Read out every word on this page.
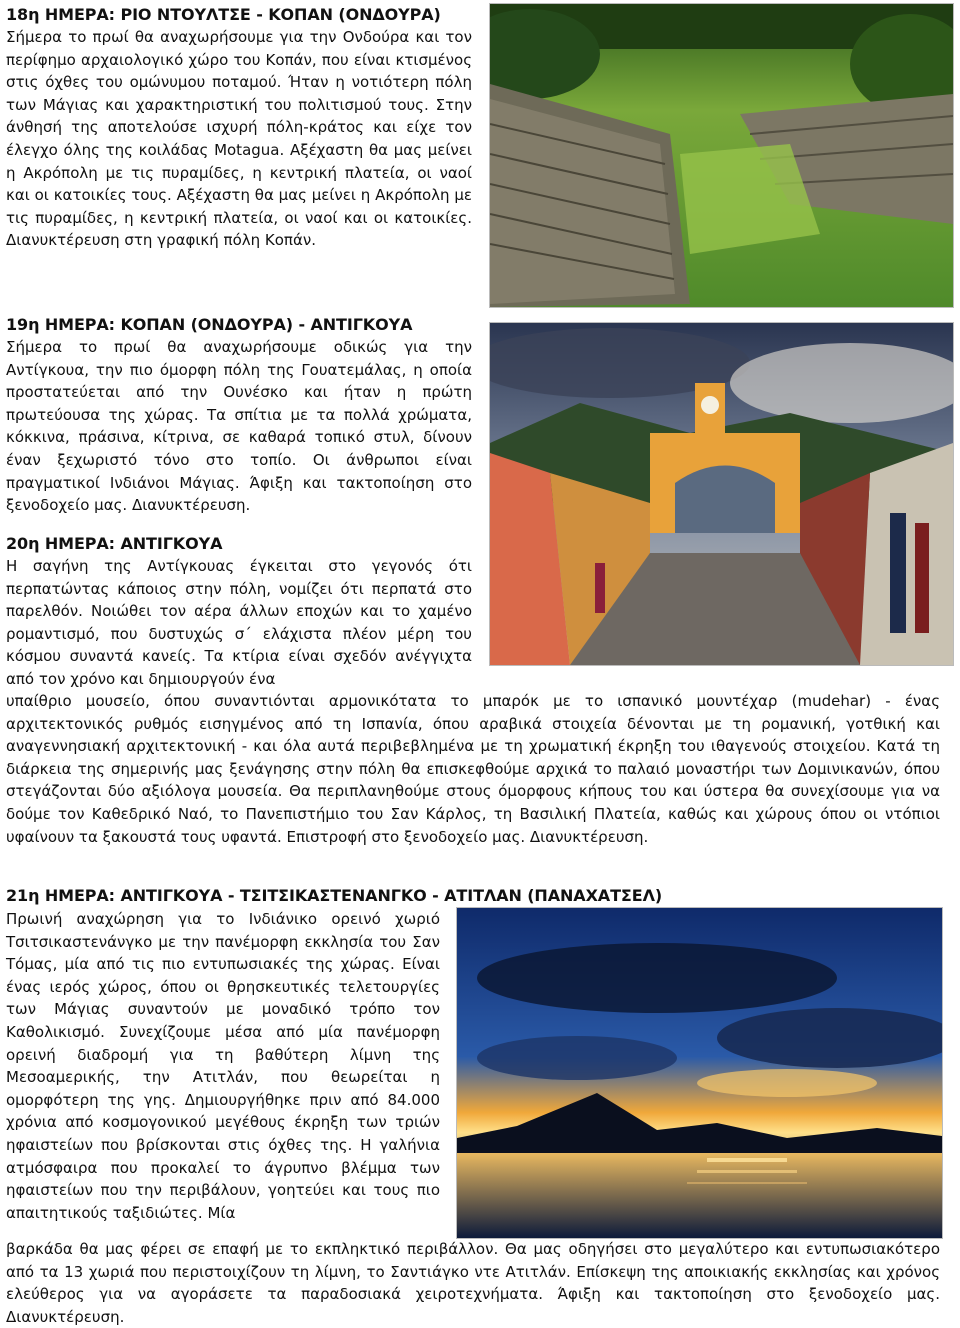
18η ΗΜΕΡΑ: ΡΙΟ ΝΤΟΥΛΤΣΕ - ΚΟΠΑΝ (ΟΝΔΟΥΡΑ)
Σήμερα το πρωί θα αναχωρήσουμε για την Ονδούρα και τον περίφημο αρχαιολογικό χώρο του Κοπάν, που είναι κτισμένος στις όχθες του ομώνυμου ποταμού. Ήταν η νοτιότερη πόλη των Μάγιας και χαρακτηριστική του πολιτισμού τους. Στην άνθησή της αποτελούσε ισχυρή πόλη-κράτος και είχε τον έλεγχο όλης της κοιλάδας Motagua. Αξέχαστη θα μας μείνει η Ακρόπολη με τις πυραμίδες, η κεντρική πλατεία, οι ναοί και οι κατοικίες τους. Αξέχαστη θα μας μείνει η Ακρόπολη με τις πυραμίδες, η κεντρική πλατεία, οι ναοί και οι κατοικίες. Διανυκτέρευση στη γραφική πόλη Κοπάν.
19η ΗΜΕΡΑ: ΚΟΠΑΝ (ΟΝΔΟΥΡΑ) - ΑΝΤΙΓΚΟΥΑ
Σήμερα το πρωί θα αναχωρήσουμε οδικώς για την Αντίγκουα, την πιο όμορφη πόλη της Γουατεμάλας, η οποία προστατεύεται από την Ουνέσκο και ήταν η πρώτη πρωτεύουσα της χώρας. Τα σπίτια με τα πολλά χρώματα, κόκκινα, πράσινα, κίτρινα, σε καθαρά τοπικό στυλ, δίνουν έναν ξεχωριστό τόνο στο τοπίο. Οι άνθρωποι είναι πραγματικοί Ινδιάνοι Μάγιας. Άφιξη και τακτοποίηση στο ξενοδοχείο μας. Διανυκτέρευση.
20η ΗΜΕΡΑ: ΑΝΤΙΓΚΟΥΑ
Η σαγήνη της Αντίγκουας έγκειται στο γεγονός ότι περπατώντας κάποιος στην πόλη, νομίζει ότι περπατά στο παρελθόν. Νοιώθει τον αέρα άλλων εποχών και το χαμένο ρομαντισμό, που δυστυχώς σ΄ ελάχιστα πλέον μέρη του κόσμου συναντά κανείς. Τα κτίρια είναι σχεδόν ανέγγιχτα από τον χρόνο και δημιουργούν ένα
υπαίθριο μουσείο, όπου συναντιόνται αρμονικότατα το μπαρόκ με το ισπανικό μουντέχαρ (mudehar) - ένας αρχιτεκτονικός ρυθμός εισηγμένος από τη Ισπανία, όπου αραβικά στοιχεία δένονται με τη ρομανική, γοτθική και αναγεννησιακή αρχιτεκτονική - και όλα αυτά περιβεβλημένα με τη χρωματική έκρηξη του ιθαγενούς στοιχείου. Κατά τη διάρκεια της σημερινής μας ξενάγησης στην πόλη θα επισκεφθούμε αρχικά το παλαιό μοναστήρι των Δομινικανών, όπου στεγάζονται δύο αξιόλογα μουσεία. Θα περιπλανηθούμε στους όμορφους κήπους του και ύστερα θα συνεχίσουμε για να δούμε τον Καθεδρικό Ναό, το Πανεπιστήμιο του Σαν Κάρλος, τη Βασιλική Πλατεία, καθώς και χώρους όπου οι ντόπιοι υφαίνουν τα ξακουστά τους υφαντά. Επιστροφή στο ξενοδοχείο μας. Διανυκτέρευση.
21η ΗΜΕΡΑ: ΑΝΤΙΓΚΟΥΑ - ΤΣΙΤΣΙΚΑΣΤΕΝΑΝΓΚΟ - ΑΤΙΤΛΑΝ (ΠΑΝΑΧΑΤΣΕΛ)
Πρωινή αναχώρηση για το Ινδιάνικο ορεινό χωριό Τσιτσικαστενάνγκο με την πανέμορφη εκκλησία του Σαν Τόμας, μία από τις πιο εντυπωσιακές της χώρας. Είναι ένας ιερός χώρος, όπου οι θρησκευτικές τελετουργίες των Μάγιας συναντούν με μοναδικό τρόπο τον Καθολικισμό. Συνεχίζουμε μέσα από μία πανέμορφη ορεινή διαδρομή για τη βαθύτερη λίμνη της Μεσοαμερικής, την Ατιτλάν, που θεωρείται η ομορφότερη της γης. Δημιουργήθηκε πριν από 84.000 χρόνια από κοσμογονικού μεγέθους έκρηξη των τριών ηφαιστείων που βρίσκονται στις όχθες της. Η γαλήνια ατμόσφαιρα που προκαλεί το άγρυπνο βλέμμα των ηφαιστείων που την περιβάλουν, γοητεύει και τους πιο απαιτητικούς ταξιδιώτες. Μία
βαρκάδα θα μας φέρει σε επαφή με το εκπληκτικό περιβάλλον. Θα μας οδηγήσει στο μεγαλύτερο και εντυπωσιακότερο από τα 13 χωριά που περιστοιχίζουν τη λίμνη, το Σαντιάγκο ντε Ατιτλάν. Επίσκεψη της αποικιακής εκκλησίας και χρόνος ελεύθερος για να αγοράσετε τα παραδοσιακά χειροτεχνήματα. Άφιξη και τακτοποίηση στο ξενοδοχείο μας. Διανυκτέρευση.
